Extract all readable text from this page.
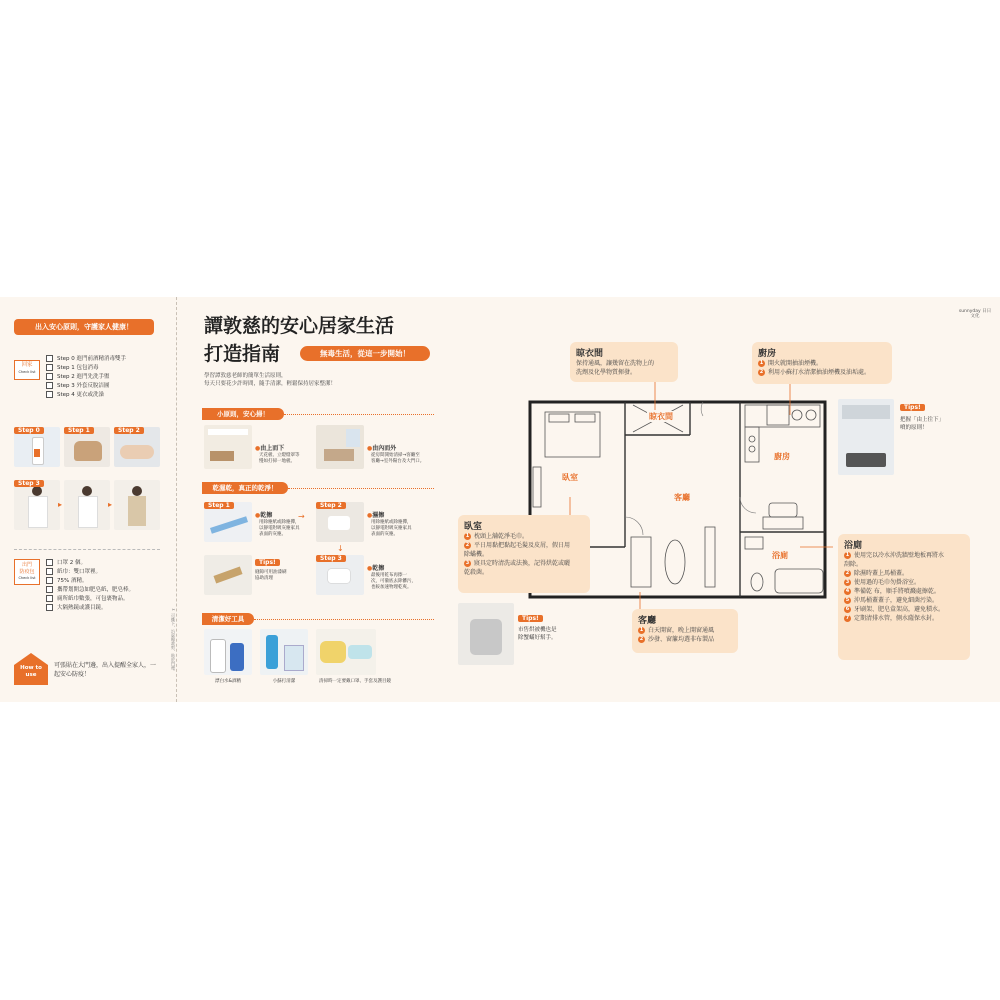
出入安心原則，守護家人健康！
回家
Check list
Step 0 進門前酒精消毒雙手
Step 1 包包消毒
Step 2 進門先洗手盥
Step 3 外套反脫洁圖
Step 4 更衣或洗澡
Step 0	Step 1	Step 2
Step 3
▸	▸
出門
防疫包
Check list
口罩 2 個。
紙巾：雙口罩裡。
75% 酒精。
攜帶划開急如肥皂紙，肥皂棒。
廁所紙巾數張，可包裹物品。
大隔熱鏡或護目鏡。
How to use
可張貼在大門邊，出入提醒全家人，一起安心防疫！
✂ 可撕下，沿虛線裁剪，貼於門邊。
譚敦慈的安心居家生活
打造指南	無毒生活，從這一步開始！
學習譚敦慈老師的簡單生活原則，
每天只要花少許時間，隨手清潔，輕鬆保持居家整潔！
小原則，安心掃！
●由上而下
天花板、立燈燈罩等
慢如打掃一地板。
●由內而外
從房間開始清掃→客廳至
客廳→室外陽台及大門口。
乾濕乾，真正的乾淨！
Step 1
●乾擦
用除塵紙或除塵撣，
以靜電附吸灰塵家具
表面的灰塵。
Step 2
●濕擦
用除塵紙或除塵撣，
以靜電附吸灰塵家具
表面的灰塵。
→
↓
Tips!
縫隙可用油漆刷
協助清理
Step 3
●乾擦
最後用乾布再擦一
次，可徹底去除髒污，
也較加速物理乾爽。
清潔好工具
漂白水&酒精	小蘇打清潔	清掃時一定要戴口罩、手套及護目鏡
sunnyday 日日文化
晾衣間
臥室
客廳
廚房
浴廁
晾衣間
保持通風，讓幾留在洗物上的
洗劑及化學物質揮發。
廚房
1 開火就開抽油煙機。
2 利用小蘇打水清潔抽油煙機及油垢處。
Tips!
把握「由上往下」
噴的原則！
臥室
1 枕頭上舖乾淨毛巾。
2 平日用黏把黏起毛髮及皮屑，假日用
除蟎機。
3 寢具定時清洗或法換，記得烘乾或曬
乾殺菌。
Tips!
市售烘被機也是
除蟹蟎好幫手。
客廳
1 白天開窗，晚上開窗通風
2 沙發、窗簾均選非布製品
浴廁
1 使用完以冷水沖洗牆壁地板再將水
刮除。
2 除濕時蓋上馬桶蓋。
3 使用過的毛巾勿掛浴室。
4 準備乾 布，順手將噴濺處擦乾。
5 沖馬桶蓋蓋子，避免細菌污染。
6 牙刷架、肥皂盒架高，避免積水。
7 定期清排水管，側水薩保水封。
